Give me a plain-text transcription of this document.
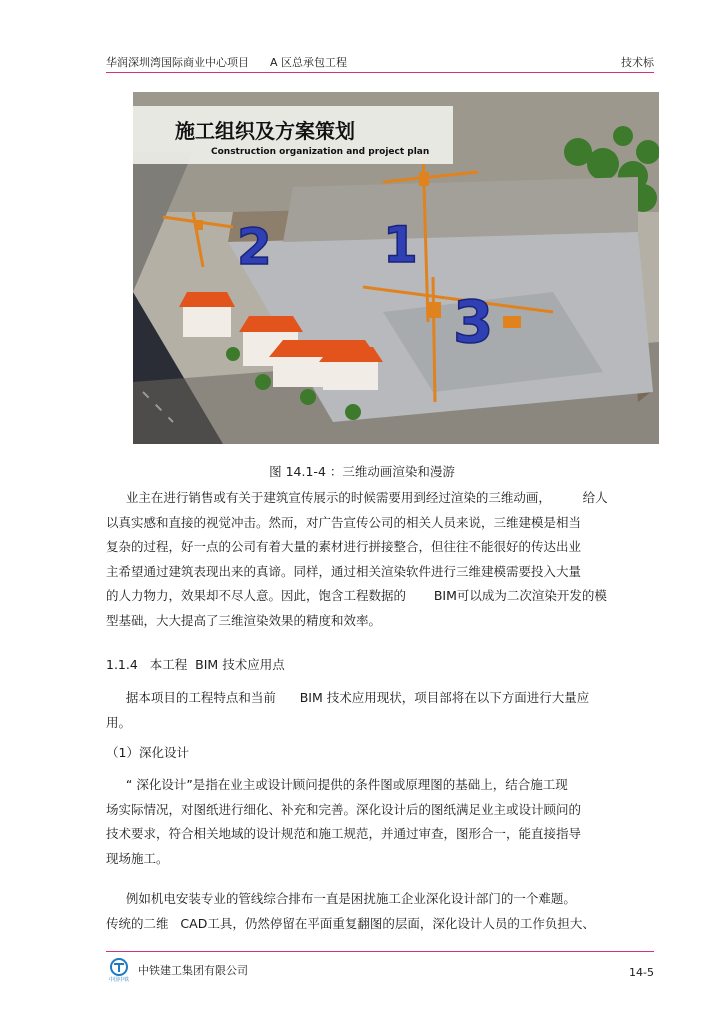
华润深圳湾国际商业中心项目      A 区总承包工程	技术标
施工组织及方案策划
Construction organization and project plan
2 1
3
图 14.1-4 ：三维动画渲染和漫游

业主在进行销售或有关于建筑宣传展示的时候需要用到经过渲染的三维动画，        给人

以真实感和直接的视觉冲击。然而，对广告宣传公司的相关人员来说，三维建模是相当

复杂的过程，好一点的公司有着大量的素材进行拼接整合，但往往不能很好的传达出业

主希望通过建筑表现出来的真谛。同样，通过相关渲染软件进行三维建模需要投入大量

的人力物力，效果却不尽人意。因此，饱含工程数据的       BIM可以成为二次渲染开发的模

型基础，大大提高了三维渲染效果的精度和效率。

1.1.4   本工程  BIM 技术应用点

据本项目的工程特点和当前      BIM 技术应用现状，项目部将在以下方面进行大量应

用。

（1）深化设计

“ 深化设计”是指在业主或设计顾问提供的条件图或原理图的基础上，结合施工现

场实际情况，对图纸进行细化、补充和完善。深化设计后的图纸满足业主或设计顾问的

技术要求，符合相关地域的设计规范和施工规范，并通过审查，图形合一，能直接指导

现场施工。

例如机电安装专业的管线综合排布一直是困扰施工企业深化设计部门的一个难题。

传统的二维   CAD工具，仍然停留在平面重复翻图的层面，深化设计人员的工作负担大、

中国中铁
中铁建工集团有限公司	14-5
